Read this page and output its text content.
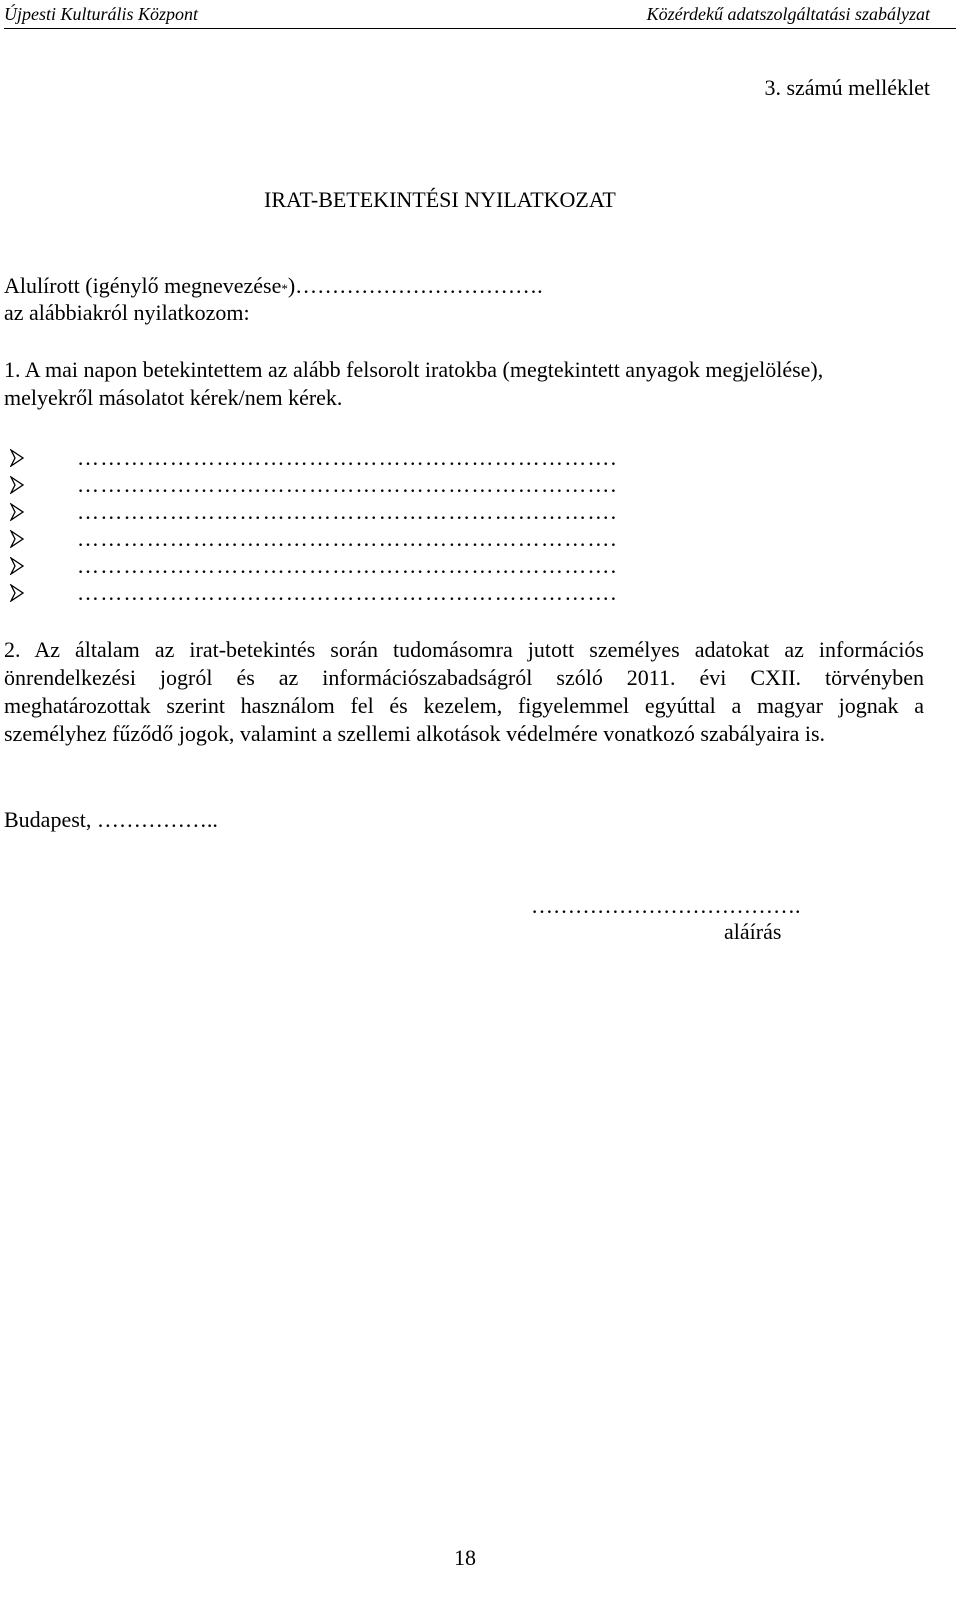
Újpesti Kulturális Központ	Közérdekű adatszolgáltatási szabályzat
3. számú melléklet
IRAT-BETEKINTÉSI NYILATKOZAT
Alulírott (igénylő megnevezése*)…………………………….
az alábbiakról nyilatkozom:
1. A mai napon betekintettem az alább felsorolt iratokba (megtekintett anyagok megjelölése),
melyekről másolatot kérek/nem kérek.
…………………………………………………………….
…………………………………………………………….
…………………………………………………………….
…………………………………………………………….
…………………………………………………………….
…………………………………………………………….
2. Az általam az irat-betekintés során tudomásomra jutott személyes adatokat az információs
önrendelkezési jogról és az információszabadságról szóló 2011. évi CXII. törvényben
meghatározottak szerint használom fel és kezelem, figyelemmel egyúttal a magyar jognak a
személyhez fűződő jogok, valamint a szellemi alkotások védelmére vonatkozó szabályaira is.
Budapest, ……………..
……………………………….
aláírás
18
